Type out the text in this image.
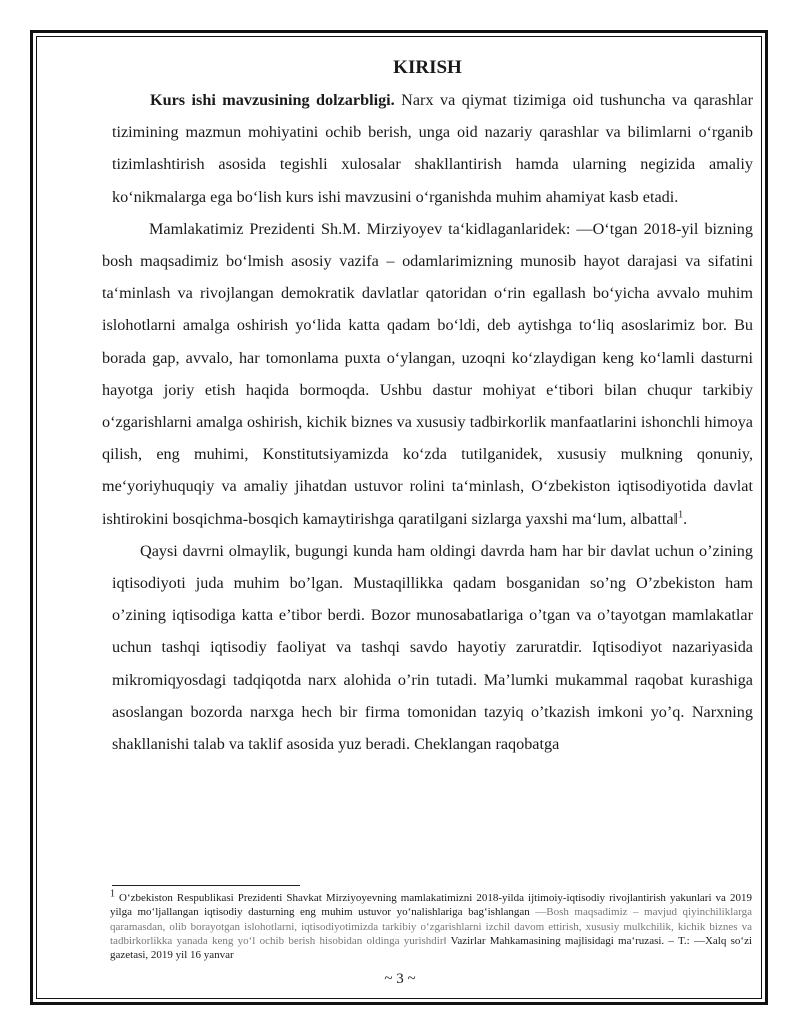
KIRISH

Kurs ishi mavzusining dolzarbligi. Narx va qiymat tizimiga oid tushuncha va qarashlar tizimining mazmun mohiyatini ochib berish, unga oid nazariy qarashlar va bilimlarni o‘rganib tizimlashtirish asosida tegishli xulosalar shakllantirish hamda ularning negizida amaliy ko‘nikmalarga ega bo‘lish kurs ishi mavzusini o‘rganishda muhim ahamiyat kasb etadi.

Mamlakatimiz Prezidenti Sh.M. Mirziyoyev ta‘kidlaganlaridek: ―O‘tgan 2018-yil bizning bosh maqsadimiz bo‘lmish asosiy vazifa – odamlarimizning munosib hayot darajasi va sifatini ta‘minlash va rivojlangan demokratik davlatlar qatoridan o‘rin egallash bo‘yicha avvalo muhim islohotlarni amalga oshirish yo‘lida katta qadam bo‘ldi, deb aytishga to‘liq asoslarimiz bor. Bu borada gap, avvalo, har tomonlama puxta o‘ylangan, uzoqni ko‘zlaydigan keng ko‘lamli dasturni hayotga joriy etish haqida bormoqda. Ushbu dastur mohiyat e‘tibori bilan chuqur tarkibiy o‘zgarishlarni amalga oshirish, kichik biznes va xususiy tadbirkorlik manfaatlarini ishonchli himoya qilish, eng muhimi, Konstitutsiyamizda ko‘zda tutilganidek, xususiy mulkning qonuniy, me‘yoriyhuquqiy va amaliy jihatdan ustuvor rolini ta‘minlash, O‘zbekiston iqtisodiyotida davlat ishtirokini bosqichma-bosqich kamaytirishga qaratilgani sizlarga yaxshi ma‘lum, albatta‖$^1$.

Qaysi davrni olmaylik, bugungi kunda ham oldingi davrda ham har bir davlat uchun o’zining iqtisodiyoti juda muhim bo’lgan. Mustaqillikka qadam bosganidan so’ng O’zbekiston ham o’zining iqtisodiga katta e’tibor berdi. Bozor munosabatlariga o’tgan va o’tayotgan mamlakatlar uchun tashqi iqtisodiy faoliyat va tashqi savdo hayotiy zaruratdir. Iqtisodiyot nazariyasida mikromiqyosdagi tadqiqotda narx alohida o’rin tutadi. Ma’lumki mukammal raqobat kurashiga asoslangan bozorda narxga hech bir firma tomonidan tazyiq o’tkazish imkoni yo’q. Narxning shakllanishi talab va taklif asosida yuz beradi. Cheklangan raqobatga

$^1$ O‘zbekiston Respublikasi Prezidenti Shavkat Mirziyoyevning mamlakatimizni 2018-yilda ijtimoiy-iqtisodiy rivojlantirish yakunlari va 2019 yilga mo‘ljallangan iqtisodiy dasturning eng muhim ustuvor yo‘nalishlariga bag‘ishlangan ―Bosh maqsadimiz – mavjud qiyinchiliklarga qaramasdan, olib borayotgan islohotlarni, iqtisodiyotimizda tarkibiy o‘zgarishlarni izchil davom ettirish, xususiy mulkchilik, kichik biznes va tadbirkorlikka yanada keng yo‘l ochib berish hisobidan oldinga yurishdir‖ Vazirlar Mahkamasining majlisidagi ma‘ruzasi. – T.: ―Xalq so‘zi gazetasi, 2019 yil 16 yanvar

~ 3 ~
